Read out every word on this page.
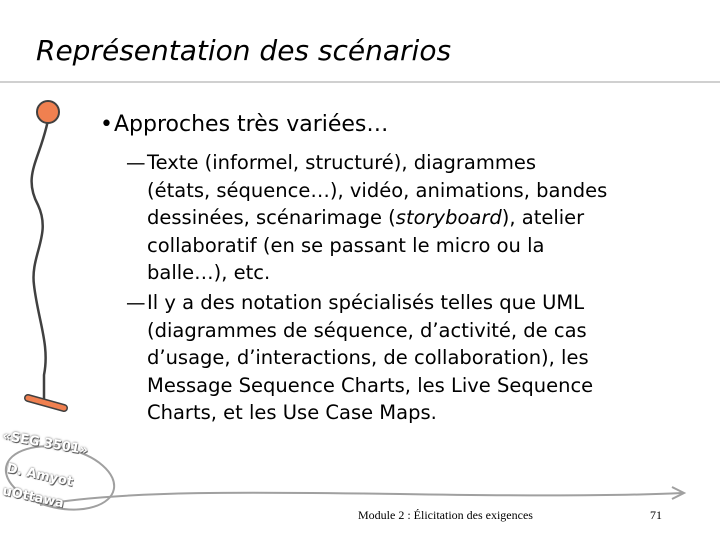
Représentation des scénarios
•Approches très variées…
—Texte (informel, structuré), diagrammes
(états, séquence…), vidéo, animations, bandes
dessinées, scénarimage (storyboard), atelier
collaboratif (en se passant le micro ou la
balle…), etc.
—Il y a des notation spécialisés telles que UML
(diagrammes de séquence, d’activité, de cas
d’usage, d’interactions, de collaboration), les
Message Sequence Charts, les Live Sequence
Charts, et les Use Case Maps.
«SEG 3501»
D. Amyot
uOttawa
Module 2 : Élicitation des exigences	71
